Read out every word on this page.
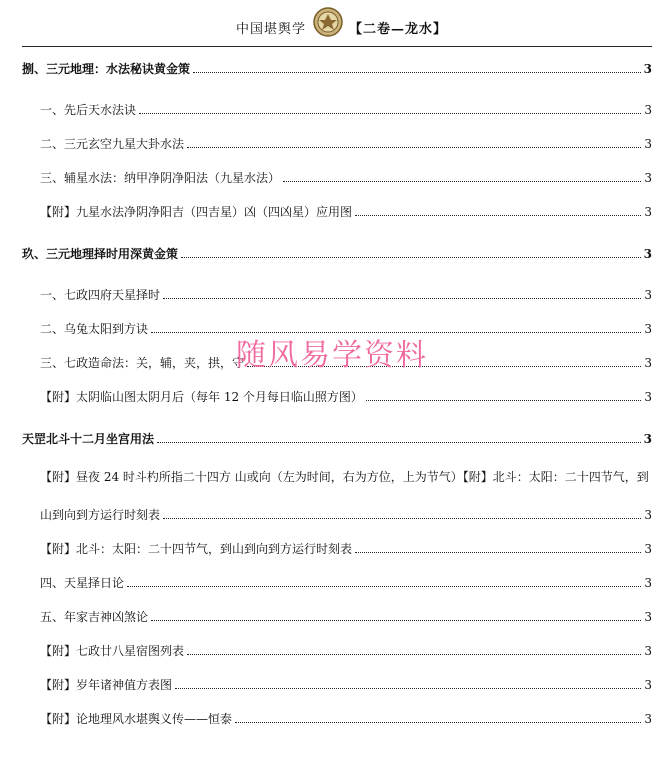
中国堪舆学	【二卷—龙水】
捌、三元地理：水法秘诀黄金策	3
一、先后天水法诀	3
二、三元玄空九星大卦水法	3
三、辅星水法：纳甲净阴净阳法（九星水法）	3
【附】九星水法净阴净阳吉（四吉星）凶（四凶星）应用图	3
玖、三元地理择时用深黄金策	3
一、七政四府天星择时	3
二、乌兔太阳到方诀	3
三、七政造命法：关，辅，夹，拱，守	3
【附】太阴临山图太阴月后（每年 12 个月每日临山照方图）	3
天罡北斗十二月坐宫用法	3
【附】昼夜 24 时斗杓所指二十四方 山或向（左为时间，右为方位，上为节气）【附】北斗：太阳：二十四节气，到
山到向到方运行时刻表	3
【附】北斗：太阳：二十四节气，到山到向到方运行时刻表	3
四、天星择日论	3
五、年家吉神凶煞论	3
【附】七政廿八星宿图列表	3
【附】岁年诸神值方表图	3
【附】论地理风水堪舆义传——恒泰	3
随风易学资料
